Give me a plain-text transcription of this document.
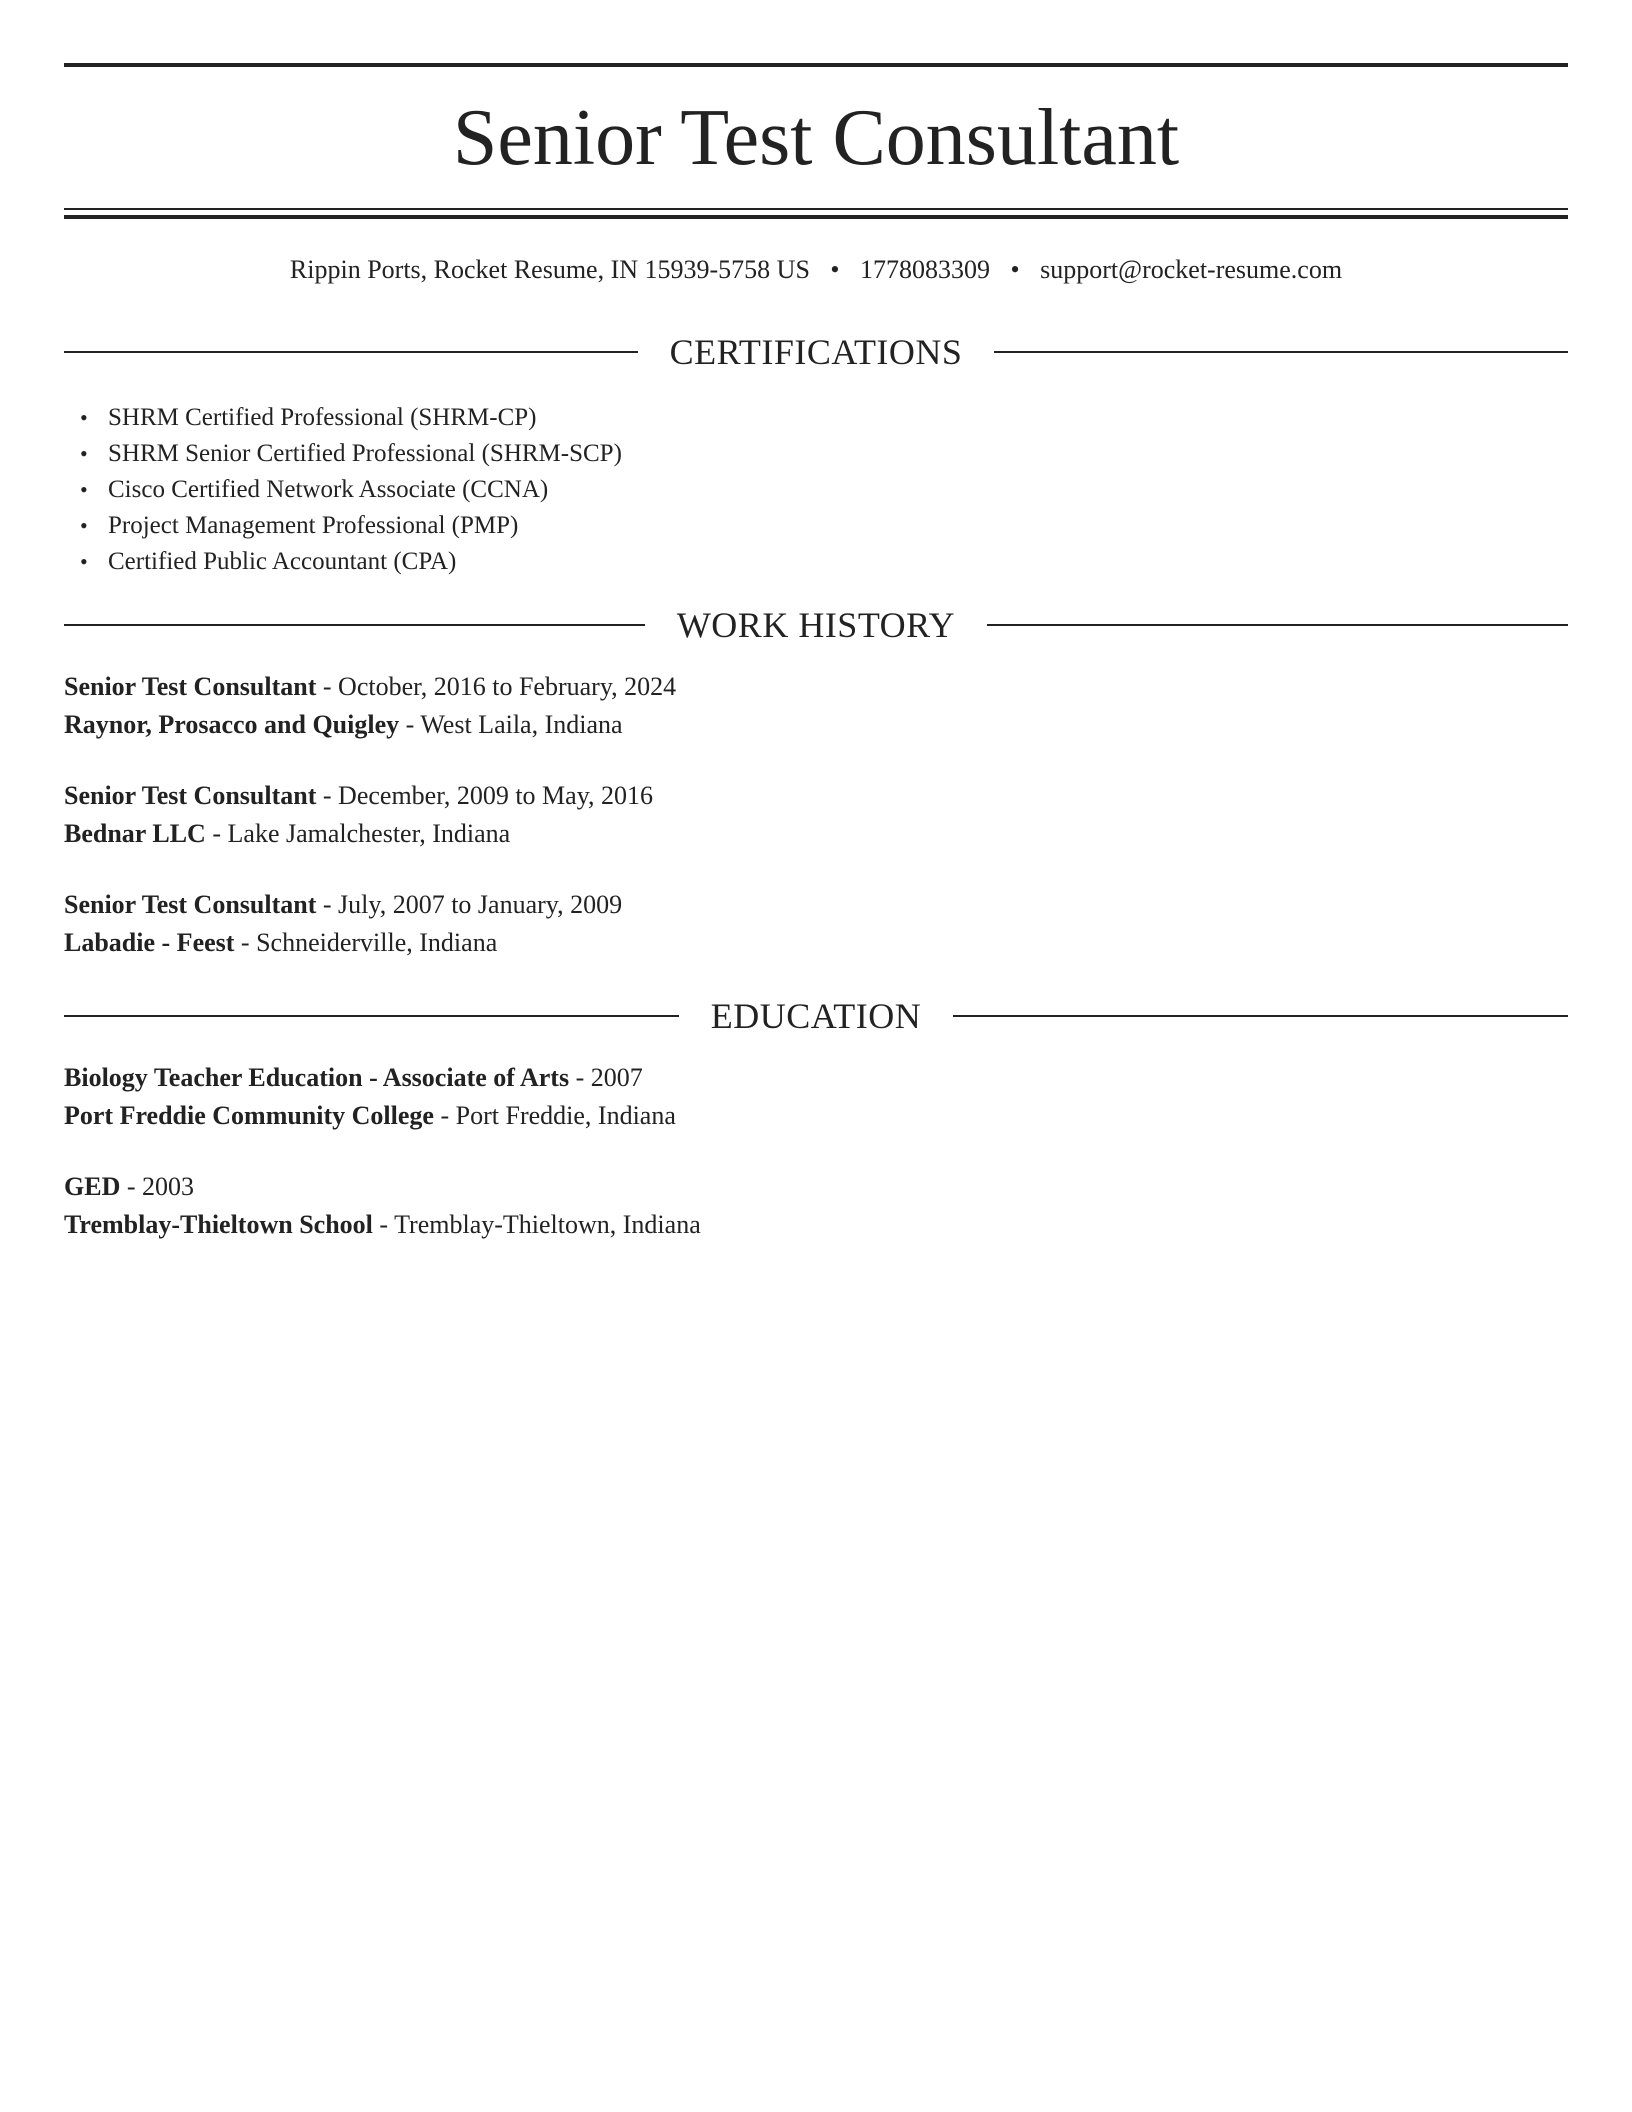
Senior Test Consultant
Rippin Ports, Rocket Resume, IN 15939-5758 US • 1778083309 • support@rocket-resume.com
CERTIFICATIONS
• SHRM Certified Professional (SHRM-CP)
• SHRM Senior Certified Professional (SHRM-SCP)
• Cisco Certified Network Associate (CCNA)
• Project Management Professional (PMP)
• Certified Public Accountant (CPA)
WORK HISTORY
Senior Test Consultant - October, 2016 to February, 2024
Raynor, Prosacco and Quigley - West Laila, Indiana
Senior Test Consultant - December, 2009 to May, 2016
Bednar LLC - Lake Jamalchester, Indiana
Senior Test Consultant - July, 2007 to January, 2009
Labadie - Feest - Schneiderville, Indiana
EDUCATION
Biology Teacher Education - Associate of Arts - 2007
Port Freddie Community College - Port Freddie, Indiana
GED - 2003
Tremblay-Thieltown School - Tremblay-Thieltown, Indiana
